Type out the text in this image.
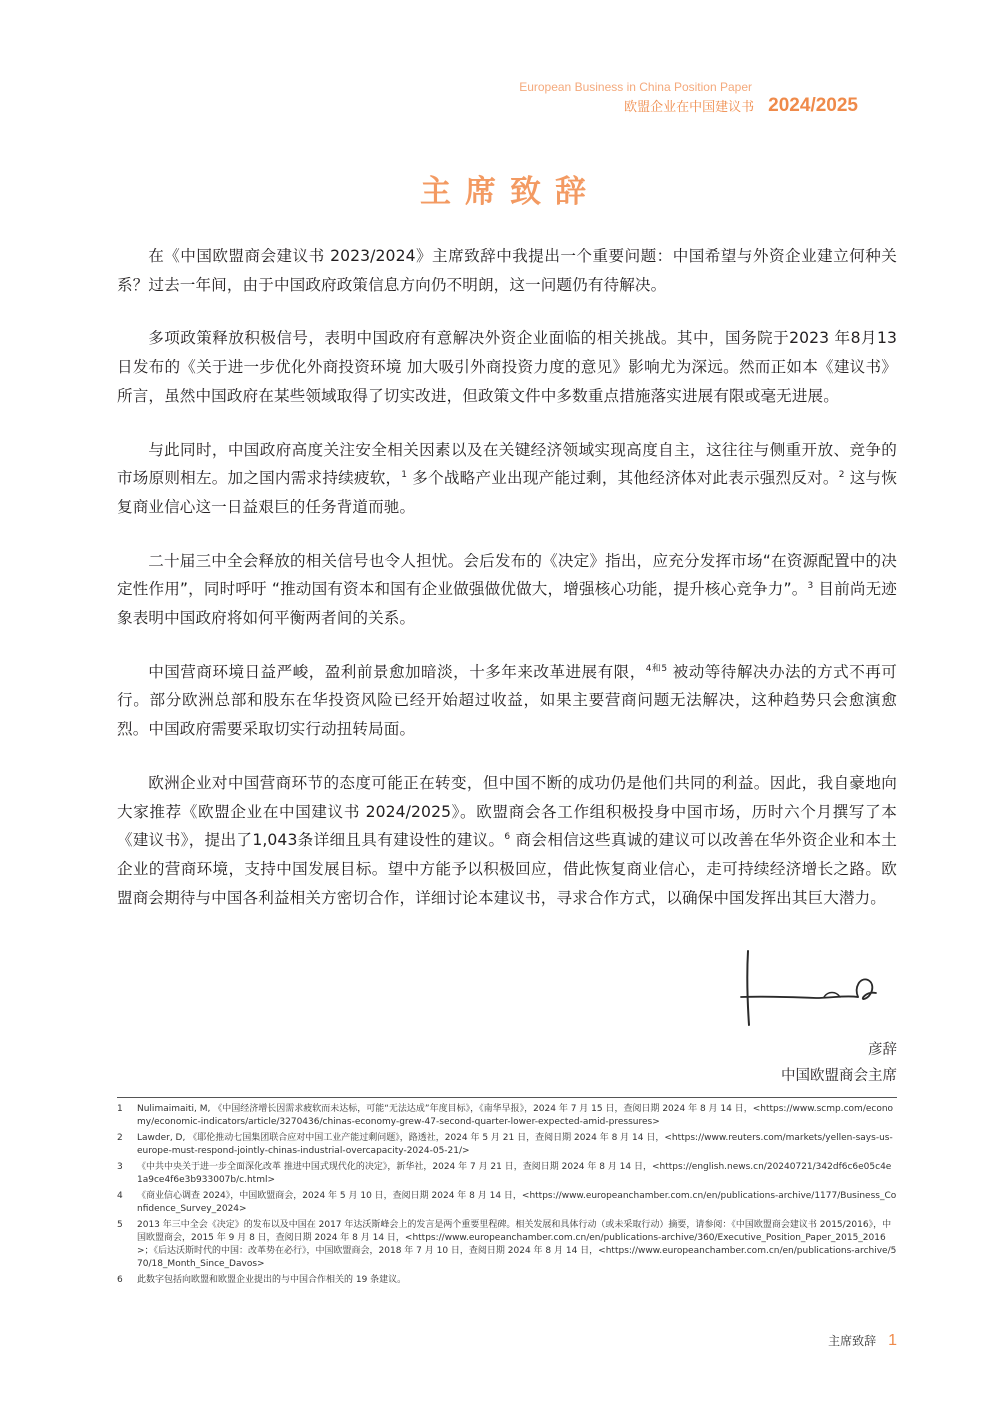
European Business in China Position Paper
欧盟企业在中国建议书 2024/2025
主席致辞

在《中国欧盟商会建议书 2023/2024》主席致辞中我提出一个重要问题：中国希望与外资企业建立何种关系？过去一年间，由于中国政府政策信息方向仍不明朗，这一问题仍有待解决。

多项政策释放积极信号，表明中国政府有意解决外资企业面临的相关挑战。其中，国务院于2023 年8月13日发布的《关于进一步优化外商投资环境 加大吸引外商投资力度的意见》影响尤为深远。然而正如本《建议书》所言，虽然中国政府在某些领域取得了切实改进，但政策文件中多数重点措施落实进展有限或毫无进展。

与此同时，中国政府高度关注安全相关因素以及在关键经济领域实现高度自主，这往往与侧重开放、竞争的市场原则相左。加之国内需求持续疲软，$^1$ 多个战略产业出现产能过剩，其他经济体对此表示强烈反对。$^2$ 这与恢复商业信心这一日益艰巨的任务背道而驰。

二十届三中全会释放的相关信号也令人担忧。会后发布的《决定》指出，应充分发挥市场“在资源配置中的决定性作用”，同时呼吁 “推动国有资本和国有企业做强做优做大，增强核心功能，提升核心竞争力”。$^3$ 目前尚无迹象表明中国政府将如何平衡两者间的关系。

中国营商环境日益严峻，盈利前景愈加暗淡，十多年来改革进展有限，$^{4和5}$ 被动等待解决办法的方式不再可行。部分欧洲总部和股东在华投资风险已经开始超过收益，如果主要营商问题无法解决，这种趋势只会愈演愈烈。中国政府需要采取切实行动扭转局面。

欧洲企业对中国营商环节的态度可能正在转变，但中国不断的成功仍是他们共同的利益。因此，我自豪地向大家推荐《欧盟企业在中国建议书 2024/2025》。欧盟商会各工作组积极投身中国市场，历时六个月撰写了本《建议书》，提出了1,043条详细且具有建设性的建议。$^6$ 商会相信这些真诚的建议可以改善在华外资企业和本土企业的营商环境，支持中国发展目标。望中方能予以积极回应，借此恢复商业信心，走可持续经济增长之路。欧盟商会期待与中国各利益相关方密切合作，详细讨论本建议书，寻求合作方式，以确保中国发挥出其巨大潜力。

彦辞
中国欧盟商会主席
1	Nulimaimaiti, M, 《中国经济增长因需求疲软而未达标，可能“无法达成”年度目标》，《南华早报》，2024 年 7 月 15 日，查阅日期 2024 年 8 月 14 日，<https://www.scmp.com/economy/economic-indicators/article/3270436/chinas-economy-grew-47-second-quarter-lower-expected-amid-pressures>
2	Lawder, D, 《耶伦推动七国集团联合应对中国工业产能过剩问题》，路透社，2024 年 5 月 21 日，查阅日期 2024 年 8 月 14 日，<https://www.reuters.com/markets/yellen-says-us-europe-must-respond-jointly-chinas-industrial-overcapacity-2024-05-21/>
3	《中共中央关于进一步全面深化改革 推进中国式现代化的决定》，新华社，2024 年 7 月 21 日，查阅日期 2024 年 8 月 14 日，<https://english.news.cn/20240721/342df6c6e05c4e1a9ce4f6e3b933007b/c.html>
4	《商业信心调查 2024》，中国欧盟商会，2024 年 5 月 10 日，查阅日期 2024 年 8 月 14 日，<https://www.europeanchamber.com.cn/en/publications-archive/1177/Business_Confidence_Survey_2024>
5	2013 年三中全会《决定》的发布以及中国在 2017 年达沃斯峰会上的发言是两个重要里程碑。相关发展和具体行动（或未采取行动）摘要，请参阅：《中国欧盟商会建议书 2015/2016》，中国欧盟商会，2015 年 9 月 8 日，查阅日期 2024 年 8 月 14 日，<https://www.europeanchamber.com.cn/en/publications-archive/360/Executive_Position_Paper_2015_2016>；《后达沃斯时代的中国：改革势在必行》，中国欧盟商会，2018 年 7 月 10 日，查阅日期 2024 年 8 月 14 日，<https://www.europeanchamber.com.cn/en/publications-archive/570/18_Month_Since_Davos>
6	此数字包括向欧盟和欧盟企业提出的与中国合作相关的 19 条建议。
主席致辞 1
